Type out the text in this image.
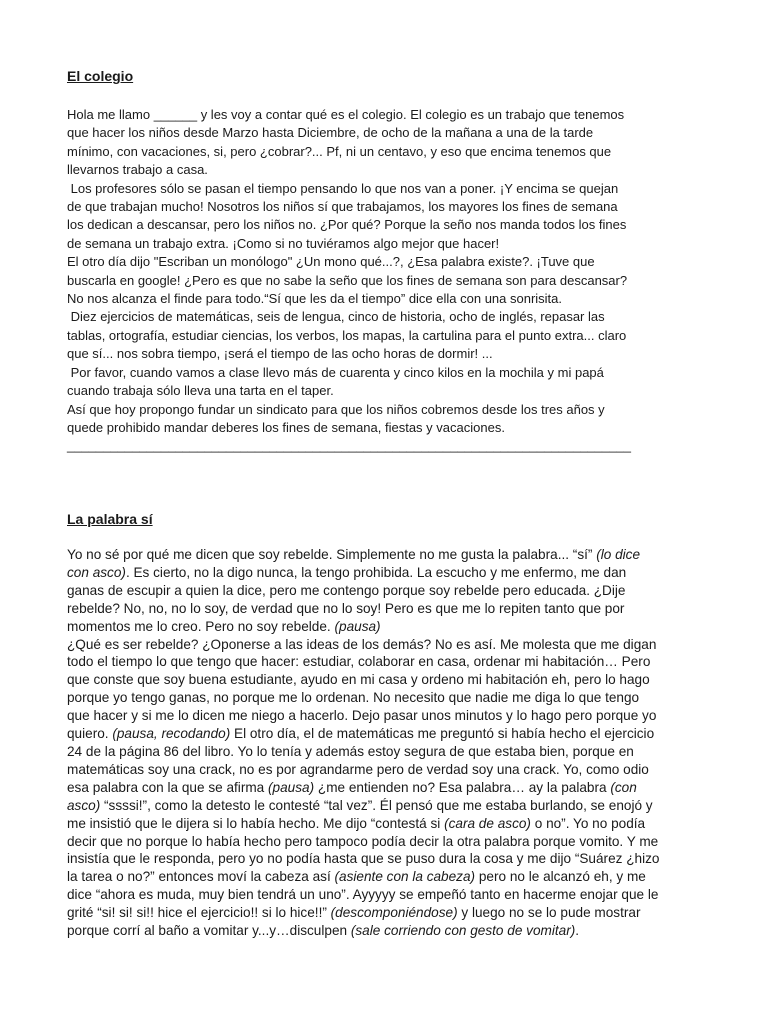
El colegio

Hola me llamo ______ y les voy a contar qué es el colegio. El colegio es un trabajo que tenemos

que hacer los niños desde Marzo hasta Diciembre, de ocho de la mañana a una de la tarde

mínimo, con vacaciones, si, pero ¿cobrar?... Pf, ni un centavo, y eso que encima tenemos que

llevarnos trabajo a casa.

Los profesores sólo se pasan el tiempo pensando lo que nos van a poner. ¡Y encima se quejan

de que trabajan mucho! Nosotros los niños sí que trabajamos, los mayores los fines de semana

los dedican a descansar, pero los niños no. ¿Por qué? Porque la seño nos manda todos los fines

de semana un trabajo extra. ¡Como si no tuviéramos algo mejor que hacer!

El otro día dijo "Escriban un monólogo" ¿Un mono qué...?, ¿Esa palabra existe?. ¡Tuve que

buscarla en google! ¿Pero es que no sabe la seño que los fines de semana son para descansar?

No nos alcanza el finde para todo.“Sí que les da el tiempo” dice ella con una sonrisita.

Diez ejercicios de matemáticas, seis de lengua, cinco de historia, ocho de inglés, repasar las

tablas, ortografía, estudiar ciencias, los verbos, los mapas, la cartulina para el punto extra... claro

que sí... nos sobra tiempo, ¡será el tiempo de las ocho horas de dormir! ...

Por favor, cuando vamos a clase llevo más de cuarenta y cinco kilos en la mochila y mi papá

cuando trabaja sólo lleva una tarta en el taper.

Así que hoy propongo fundar un sindicato para que los niños cobremos desde los tres años y

quede prohibido mandar deberes los fines de semana, fiestas y vacaciones.

______________________________________________________________________________

La palabra sí

Yo no sé por qué me dicen que soy rebelde. Simplemente no me gusta la palabra... “sí” (lo dice

con asco). Es cierto, no la digo nunca, la tengo prohibida. La escucho y me enfermo, me dan

ganas de escupir a quien la dice, pero me contengo porque soy rebelde pero educada. ¿Dije

rebelde? No, no, no lo soy, de verdad que no lo soy! Pero es que me lo repiten tanto que por

momentos me lo creo. Pero no soy rebelde. (pausa)

¿Qué es ser rebelde? ¿Oponerse a las ideas de los demás? No es así. Me molesta que me digan

todo el tiempo lo que tengo que hacer: estudiar, colaborar en casa, ordenar mi habitación… Pero

que conste que soy buena estudiante, ayudo en mi casa y ordeno mi habitación eh, pero lo hago

porque yo tengo ganas, no porque me lo ordenan. No necesito que nadie me diga lo que tengo

que hacer y si me lo dicen me niego a hacerlo. Dejo pasar unos minutos y lo hago pero porque yo

quiero. (pausa, recodando) El otro día, el de matemáticas me preguntó si había hecho el ejercicio

24 de la página 86 del libro. Yo lo tenía y además estoy segura de que estaba bien, porque en

matemáticas soy una crack, no es por agrandarme pero de verdad soy una crack. Yo, como odio

esa palabra con la que se afirma (pausa) ¿me entienden no? Esa palabra… ay la palabra (con

asco) “ssssi!”, como la detesto le contesté “tal vez”. Él pensó que me estaba burlando, se enojó y

me insistió que le dijera si lo había hecho. Me dijo “contestá si (cara de asco) o no”. Yo no podía

decir que no porque lo había hecho pero tampoco podía decir la otra palabra porque vomito. Y me

insistía que le responda, pero yo no podía hasta que se puso dura la cosa y me dijo “Suárez ¿hizo

la tarea o no?” entonces moví la cabeza así (asiente con la cabeza) pero no le alcanzó eh, y me

dice “ahora es muda, muy bien tendrá un uno”. Ayyyyy se empeñó tanto en hacerme enojar que le

grité “si! si! si!! hice el ejercicio!! si lo hice!!” (descomponiéndose) y luego no se lo pude mostrar

porque corrí al baño a vomitar y...y…disculpen (sale corriendo con gesto de vomitar).
